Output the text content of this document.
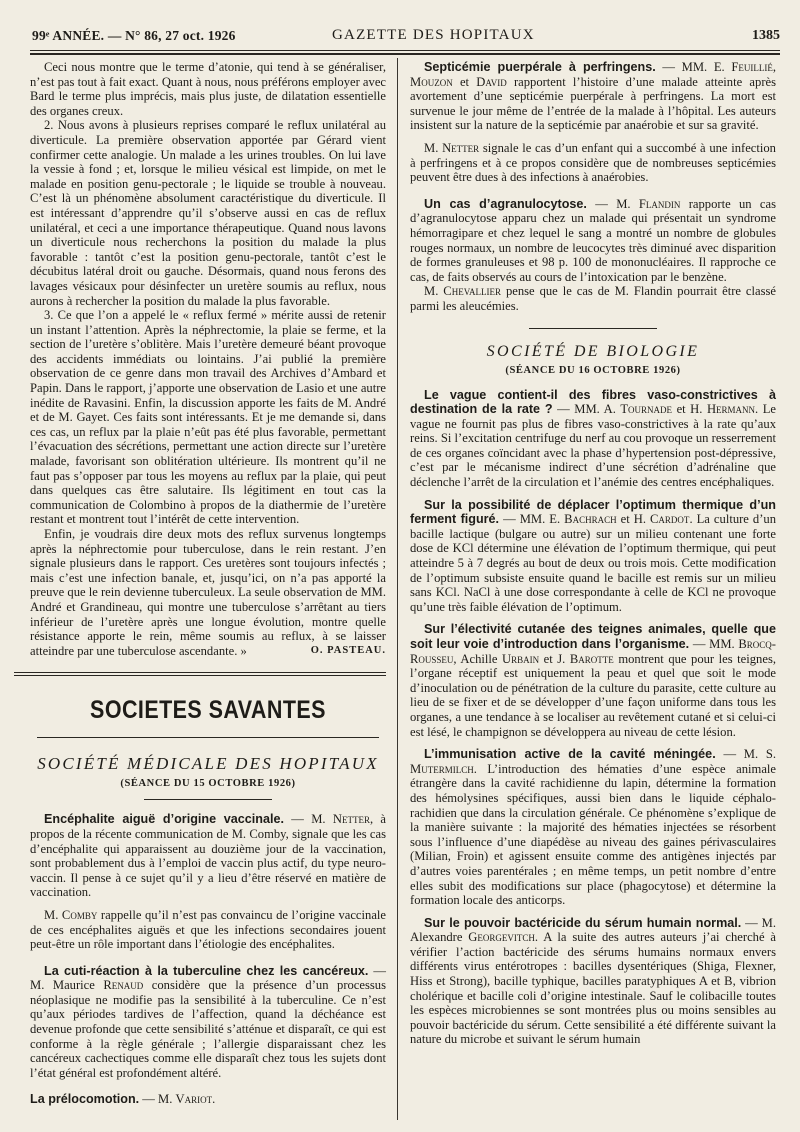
99ᵉ ANNÉE. — N° 86, 27 oct. 1926	GAZETTE DES HOPITAUX	1385

Ceci nous montre que le terme d’atonie, qui tend à se généraliser, n’est pas tout à fait exact. Quant à nous, nous préférons employer avec Bard le terme plus imprécis, mais plus juste, de dilatation essentielle des organes creux.

2. Nous avons à plusieurs reprises comparé le reflux unilatéral au diverticule. La première observation apportée par Gérard vient confirmer cette analogie. Un malade a les urines troubles. On lui lave la vessie à fond ; et, lorsque le milieu vésical est limpide, on met le malade en position genu-pectorale ; le liquide se trouble à nouveau. C’est là un phénomène absolument caractéristique du diverticule. Il est intéressant d’apprendre qu’il s’observe aussi en cas de reflux unilatéral, et ceci a une importance thérapeutique. Quand nous lavons un diverticule nous recherchons la position du malade la plus favorable : tantôt c’est la position genu-pectorale, tantôt c’est le décubitus latéral droit ou gauche. Désormais, quand nous ferons des lavages vésicaux pour désinfecter un uretère soumis au reflux, nous aurons à rechercher la position du malade la plus favorable.

3. Ce que l’on a appelé le « reflux fermé » mérite aussi de retenir un instant l’attention. Après la néphrectomie, la plaie se ferme, et la section de l’uretère s’oblitère. Mais l’uretère demeuré béant provoque des accidents immédiats ou lointains. J’ai publié la première observation de ce genre dans mon travail des Archives d’Ambard et Papin. Dans le rapport, j’apporte une observation de Lasio et une autre inédite de Ravasini. Enfin, la discussion apporte les faits de M. André et de M. Gayet. Ces faits sont intéressants. Et je me demande si, dans ces cas, un reflux par la plaie n’eût pas été plus favorable, permettant l’évacuation des sécrétions, permettant une action directe sur l’uretère malade, favorisant son oblitération ultérieure. Ils montrent qu’il ne faut pas s’opposer par tous les moyens au reflux par la plaie, qui peut dans quelques cas être salutaire. Ils légitiment en tout cas la communication de Colombino à propos de la diathermie de l’uretère restant et montrent tout l’intérêt de cette intervention.

Enfin, je voudrais dire deux mots des reflux survenus longtemps après la néphrectomie pour tuberculose, dans le rein restant. J’en signale plusieurs dans le rapport. Ces uretères sont toujours infectés ; mais c’est une infection banale, et, jusqu’ici, on n’a pas apporté la preuve que le rein devienne tuberculeux. La seule observation de MM. André et Grandineau, qui montre une tuberculose s’arrêtant au tiers inférieur de l’uretère après une longue évolution, montre quelle résistance apporte le rein, même soumis au reflux, à se laisser atteindre par une tuberculose ascendante. »	O. PASTEAU.

SOCIETES SAVANTES
SOCIÉTÉ MÉDICALE DES HOPITAUX
(SÉANCE DU 15 OCTOBRE 1926)

Encéphalite aiguë d’origine vaccinale. — M. Netter, à propos de la récente communication de M. Comby, signale que les cas d’encéphalite qui apparaissent au douzième jour de la vaccination, sont probablement dus à l’emploi de vaccin plus actif, du type neuro-vaccin. Il pense à ce sujet qu’il y a lieu d’être réservé en matière de vaccination.

M. Comby rappelle qu’il n’est pas convaincu de l’origine vaccinale de ces encéphalites aiguës et que les infections secondaires jouent peut-être un rôle important dans l’étiologie des encéphalites.

La cuti-réaction à la tuberculine chez les cancéreux. — M. Maurice Renaud considère que la présence d’un processus néoplasique ne modifie pas la sensibilité à la tuberculine. Ce n’est qu’aux périodes tardives de l’affection, quand la déchéance est devenue profonde que cette sensibilité s’atténue et disparaît, ce qui est conforme à la règle générale ; l’allergie disparaissant chez les cancéreux cachectiques comme elle disparaît chez tous les sujets dont l’état général est profondément altéré.

La prélocomotion. — M. Variot.

Septicémie puerpérale à perfringens. — MM. E. Feuillié, Mouzon et David rapportent l’histoire d’une malade atteinte après avortement d’une septicémie puerpérale à perfringens. La mort est survenue le jour même de l’entrée de la malade à l’hôpital. Les auteurs insistent sur la nature de la septicémie par anaérobie et sur sa gravité.

M. Netter signale le cas d’un enfant qui a succombé à une infection à perfringens et à ce propos considère que de nombreuses septicémies peuvent être dues à des infections à anaérobies.

Un cas d’agranulocytose. — M. Flandin rapporte un cas d’agranulocytose apparu chez un malade qui présentait un syndrome hémorragipare et chez lequel le sang a montré un nombre de globules rouges normaux, un nombre de leucocytes très diminué avec disparition de formes granuleuses et 98 p. 100 de mononucléaires. Il rapproche ce cas, de faits observés au cours de l’intoxication par le benzène.

M. Chevallier pense que le cas de M. Flandin pourrait être classé parmi les aleucémies.

SOCIÉTÉ DE BIOLOGIE
(SÉANCE DU 16 OCTOBRE 1926)

Le vague contient-il des fibres vaso-constrictives à destination de la rate ? — MM. A. Tournade et H. Hermann. Le vague ne fournit pas plus de fibres vaso-constrictives à la rate qu’aux reins. Si l’excitation centrifuge du nerf au cou provoque un resserrement de ces organes coïncidant avec la phase d’hypertension post-dépressive, c’est par le mécanisme indirect d’une sécrétion d’adrénaline que déclenche l’arrêt de la circulation et l’anémie des centres encéphaliques.

Sur la possibilité de déplacer l’optimum thermique d’un ferment figuré. — MM. E. Bachrach et H. Cardot. La culture d’un bacille lactique (bulgare ou autre) sur un milieu contenant une forte dose de KCl détermine une élévation de l’optimum thermique, qui peut atteindre 5 à 7 degrés au bout de deux ou trois mois. Cette modification de l’optimum subsiste ensuite quand le bacille est remis sur un milieu sans KCl. NaCl à une dose correspondante à celle de KCl ne provoque qu’une très faible élévation de l’optimum.

Sur l’électivité cutanée des teignes animales, quelle que soit leur voie d’introduction dans l’organisme. — MM. Brocq-Rousseu, Achille Urbain et J. Barotte montrent que pour les teignes, l’organe réceptif est uniquement la peau et quel que soit le mode d’inoculation ou de pénétration de la culture du parasite, cette culture au lieu de se fixer et de se développer d’une façon uniforme dans tous les organes, a une tendance à se localiser au revêtement cutané et si celui-ci est lésé, le champignon se développera au niveau de cette lésion.

L’immunisation active de la cavité méningée. — M. S. Mutermilch. L’introduction des hématies d’une espèce animale étrangère dans la cavité rachidienne du lapin, détermine la formation des hémolysines spécifiques, aussi bien dans le liquide céphalo-rachidien que dans la circulation générale. Ce phénomène s’explique de la manière suivante : la majorité des hématies injectées se résorbent sous l’influence d’une diapédèse au niveau des gaines périvasculaires (Milian, Froin) et agissent ensuite comme des antigènes injectés par d’autres voies parentérales ; en même temps, un petit nombre d’entre elles subit des modifications sur place (phagocytose) et détermine la formation locale des anticorps.

Sur le pouvoir bactéricide du sérum humain normal. — M. Alexandre Georgevitch. A la suite des autres auteurs j’ai cherché à vérifier l’action bactéricide des sérums humains normaux envers différents virus entérotropes : bacilles dysentériques (Shiga, Flexner, Hiss et Strong), bacille typhique, bacilles paratyphiques A et B, vibrion cholérique et bacille coli d’origine intestinale. Sauf le colibacille toutes les espèces microbiennes se sont montrées plus ou moins sensibles au pouvoir bactéricide du sérum. Cette sensibilité a été différente suivant la nature du microbe et suivant le sérum humain
